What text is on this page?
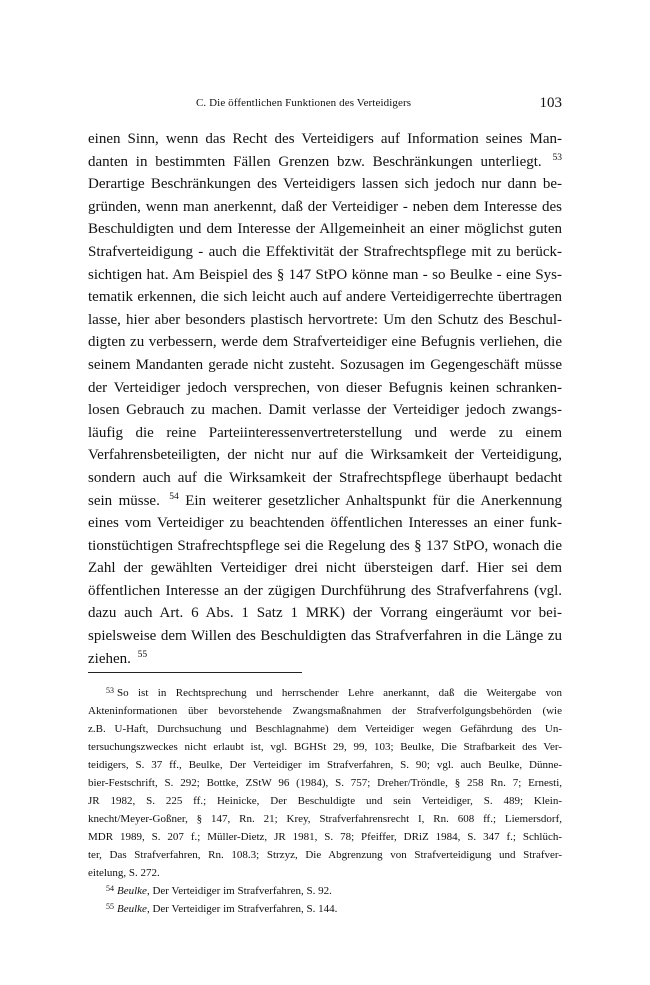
C. Die öffentlichen Funktionen des Verteidigers	103
einen Sinn, wenn das Recht des Verteidigers auf Information seines Man-
danten in bestimmten Fällen Grenzen bzw. Beschränkungen unterliegt. $^{53}$
Derartige Beschränkungen des Verteidigers lassen sich jedoch nur dann be-
gründen, wenn man anerkennt, daß der Verteidiger - neben dem Interesse des
Beschuldigten und dem Interesse der Allgemeinheit an einer möglichst guten
Strafverteidigung - auch die Effektivität der Strafrechtspflege mit zu berück-
sichtigen hat. Am Beispiel des § 147 StPO könne man - so Beulke - eine Sys-
tematik erkennen, die sich leicht auch auf andere Verteidigerrechte übertragen
lasse, hier aber besonders plastisch hervortrete: Um den Schutz des Beschul-
digten zu verbessern, werde dem Strafverteidiger eine Befugnis verliehen, die
seinem Mandanten gerade nicht zusteht. Sozusagen im Gegengeschäft müsse
der Verteidiger jedoch versprechen, von dieser Befugnis keinen schranken-
losen Gebrauch zu machen. Damit verlasse der Verteidiger jedoch zwangs-
läufig die reine Parteiinteressenvertreterstellung und werde zu einem
Verfahrensbeteiligten, der nicht nur auf die Wirksamkeit der Verteidigung,
sondern auch auf die Wirksamkeit der Strafrechtspflege überhaupt bedacht
sein müsse. $^{54}$ Ein weiterer gesetzlicher Anhaltspunkt für die Anerkennung
eines vom Verteidiger zu beachtenden öffentlichen Interesses an einer funk-
tionstüchtigen Strafrechtspflege sei die Regelung des § 137 StPO, wonach die
Zahl der gewählten Verteidiger drei nicht übersteigen darf. Hier sei dem
öffentlichen Interesse an der zügigen Durchführung des Strafverfahrens (vgl.
dazu auch Art. 6 Abs. 1 Satz 1 MRK) der Vorrang eingeräumt vor bei-
spielsweise dem Willen des Beschuldigten das Strafverfahren in die Länge zu
ziehen. $^{55}$
$^{53}$ So ist in Rechtsprechung und herrschender Lehre anerkannt, daß die Weitergabe von
Akteninformationen über bevorstehende Zwangsmaßnahmen der Strafverfolgungsbehörden (wie
z.B. U-Haft, Durchsuchung und Beschlagnahme) dem Verteidiger wegen Gefährdung des Un-
tersuchungszweckes nicht erlaubt ist, vgl. BGHSt 29, 99, 103; Beulke, Die Strafbarkeit des Ver-
teidigers, S. 37 ff., Beulke, Der Verteidiger im Strafverfahren, S. 90; vgl. auch Beulke, Dünne-
bier-Festschrift, S. 292; Bottke, ZStW 96 (1984), S. 757; Dreher/Tröndle, § 258 Rn. 7; Ernesti,
JR 1982, S. 225 ff.; Heinicke, Der Beschuldigte und sein Verteidiger, S. 489; Klein-
knecht/Meyer-Goßner, § 147, Rn. 21; Krey, Strafverfahrensrecht I, Rn. 608 ff.; Liemersdorf,
MDR 1989, S. 207 f.; Müller-Dietz, JR 1981, S. 78; Pfeiffer, DRiZ 1984, S. 347 f.; Schlüch-
ter, Das Strafverfahren, Rn. 108.3; Strzyz, Die Abgrenzung von Strafverteidigung und Strafver-
eitelung, S. 272.
$^{54}$ Beulke, Der Verteidiger im Strafverfahren, S. 92.
$^{55}$ Beulke, Der Verteidiger im Strafverfahren, S. 144.
